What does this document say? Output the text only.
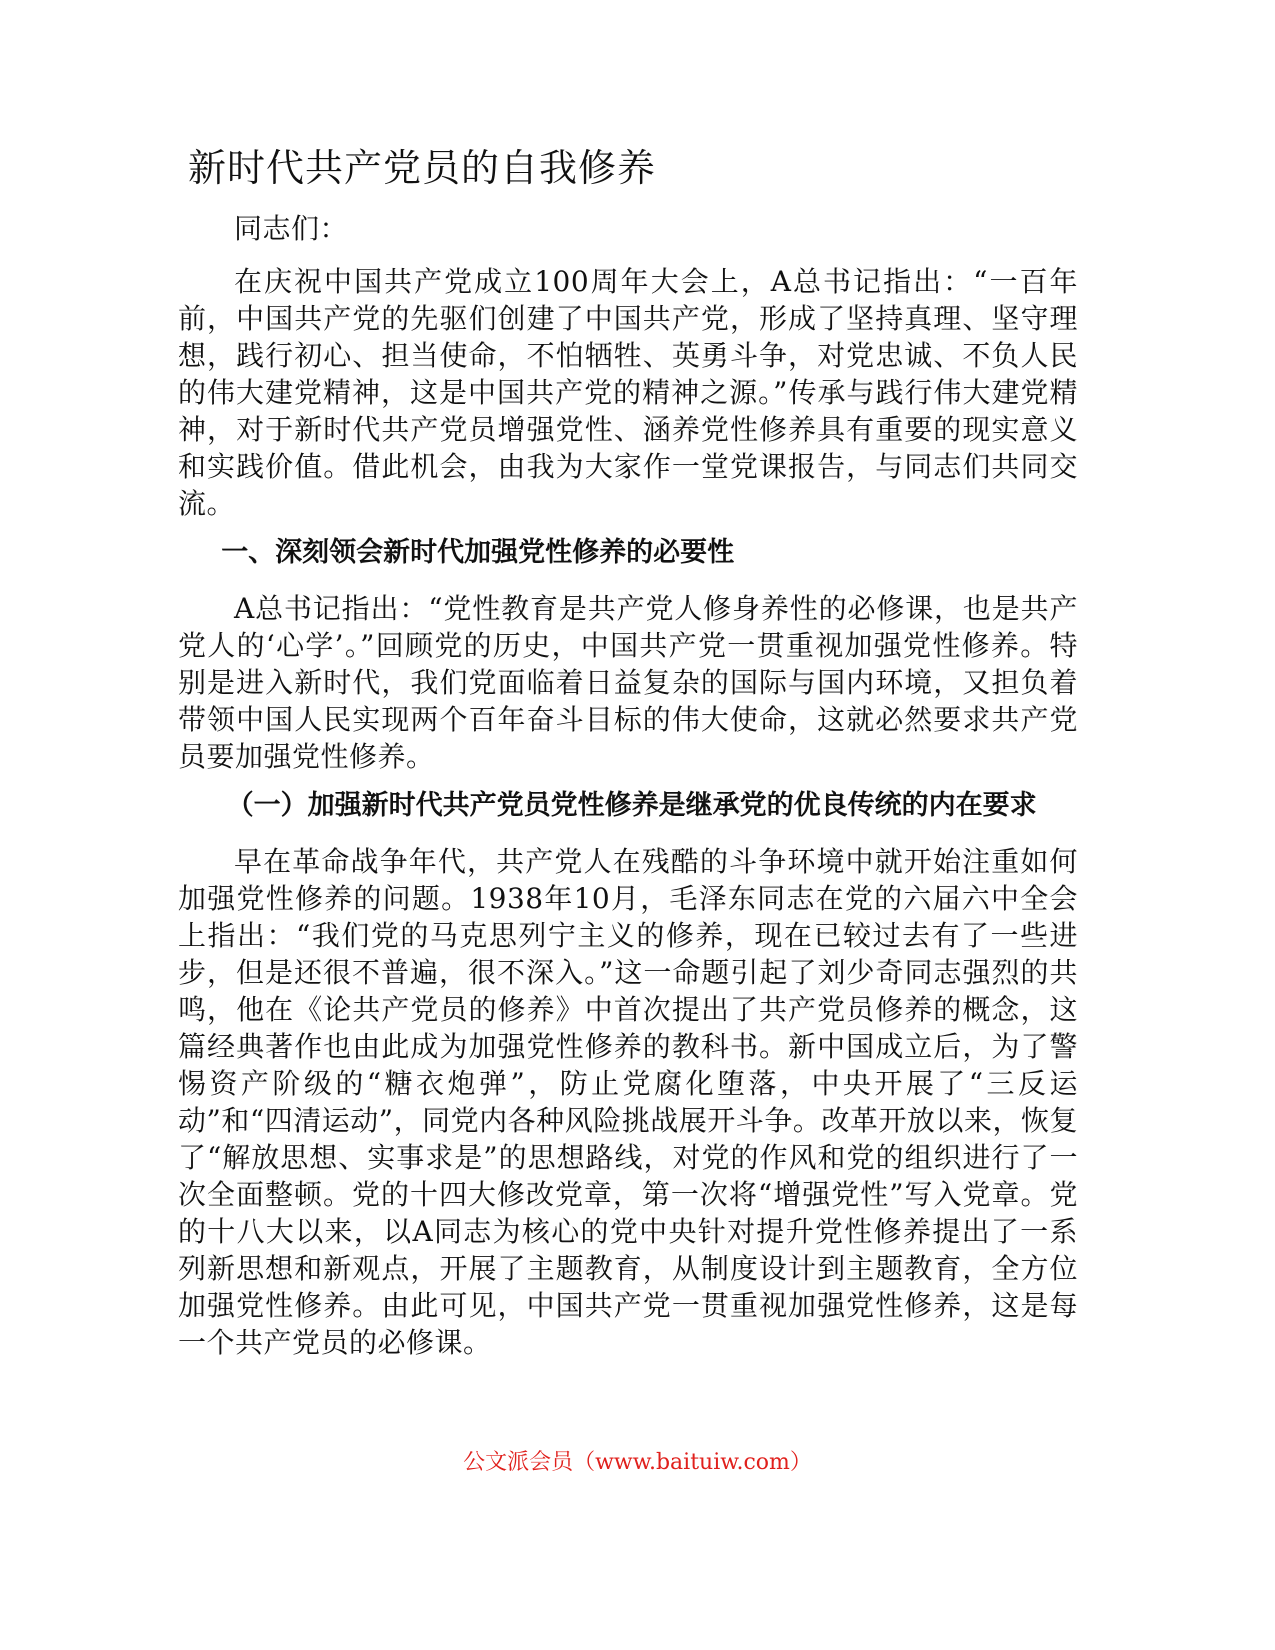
新时代共产党员的自我修养

同志们：

在庆祝中国共产党成立100周年大会上，A总书记指出：“一百年前，中国共产党的先驱们创建了中国共产党，形成了坚持真理、坚守理想，践行初心、担当使命，不怕牺牲、英勇斗争，对党忠诚、不负人民的伟大建党精神，这是中国共产党的精神之源。”传承与践行伟大建党精神，对于新时代共产党员增强党性、涵养党性修养具有重要的现实意义和实践价值。借此机会，由我为大家作一堂党课报告，与同志们共同交流。

一、深刻领会新时代加强党性修养的必要性

A总书记指出：“党性教育是共产党人修身养性的必修课，也是共产党人的‘心学’。”回顾党的历史，中国共产党一贯重视加强党性修养。特别是进入新时代，我们党面临着日益复杂的国际与国内环境，又担负着带领中国人民实现两个百年奋斗目标的伟大使命，这就必然要求共产党员要加强党性修养。

（一）加强新时代共产党员党性修养是继承党的优良传统的内在要求

早在革命战争年代，共产党人在残酷的斗争环境中就开始注重如何加强党性修养的问题。1938年10月，毛泽东同志在党的六届六中全会上指出：“我们党的马克思列宁主义的修养，现在已较过去有了一些进步，但是还很不普遍，很不深入。”这一命题引起了刘少奇同志强烈的共鸣，他在《论共产党员的修养》中首次提出了共产党员修养的概念，这篇经典著作也由此成为加强党性修养的教科书。新中国成立后，为了警惕资产阶级的“糖衣炮弹”，防止党腐化堕落，中央开展了“三反运动”和“四清运动”，同党内各种风险挑战展开斗争。改革开放以来，恢复了“解放思想、实事求是”的思想路线，对党的作风和党的组织进行了一次全面整顿。党的十四大修改党章，第一次将“增强党性”写入党章。党的十八大以来，以A同志为核心的党中央针对提升党性修养提出了一系列新思想和新观点，开展了主题教育，从制度设计到主题教育，全方位加强党性修养。由此可见，中国共产党一贯重视加强党性修养，这是每一个共产党员的必修课。

公文派会员（www.baituiw.com）
